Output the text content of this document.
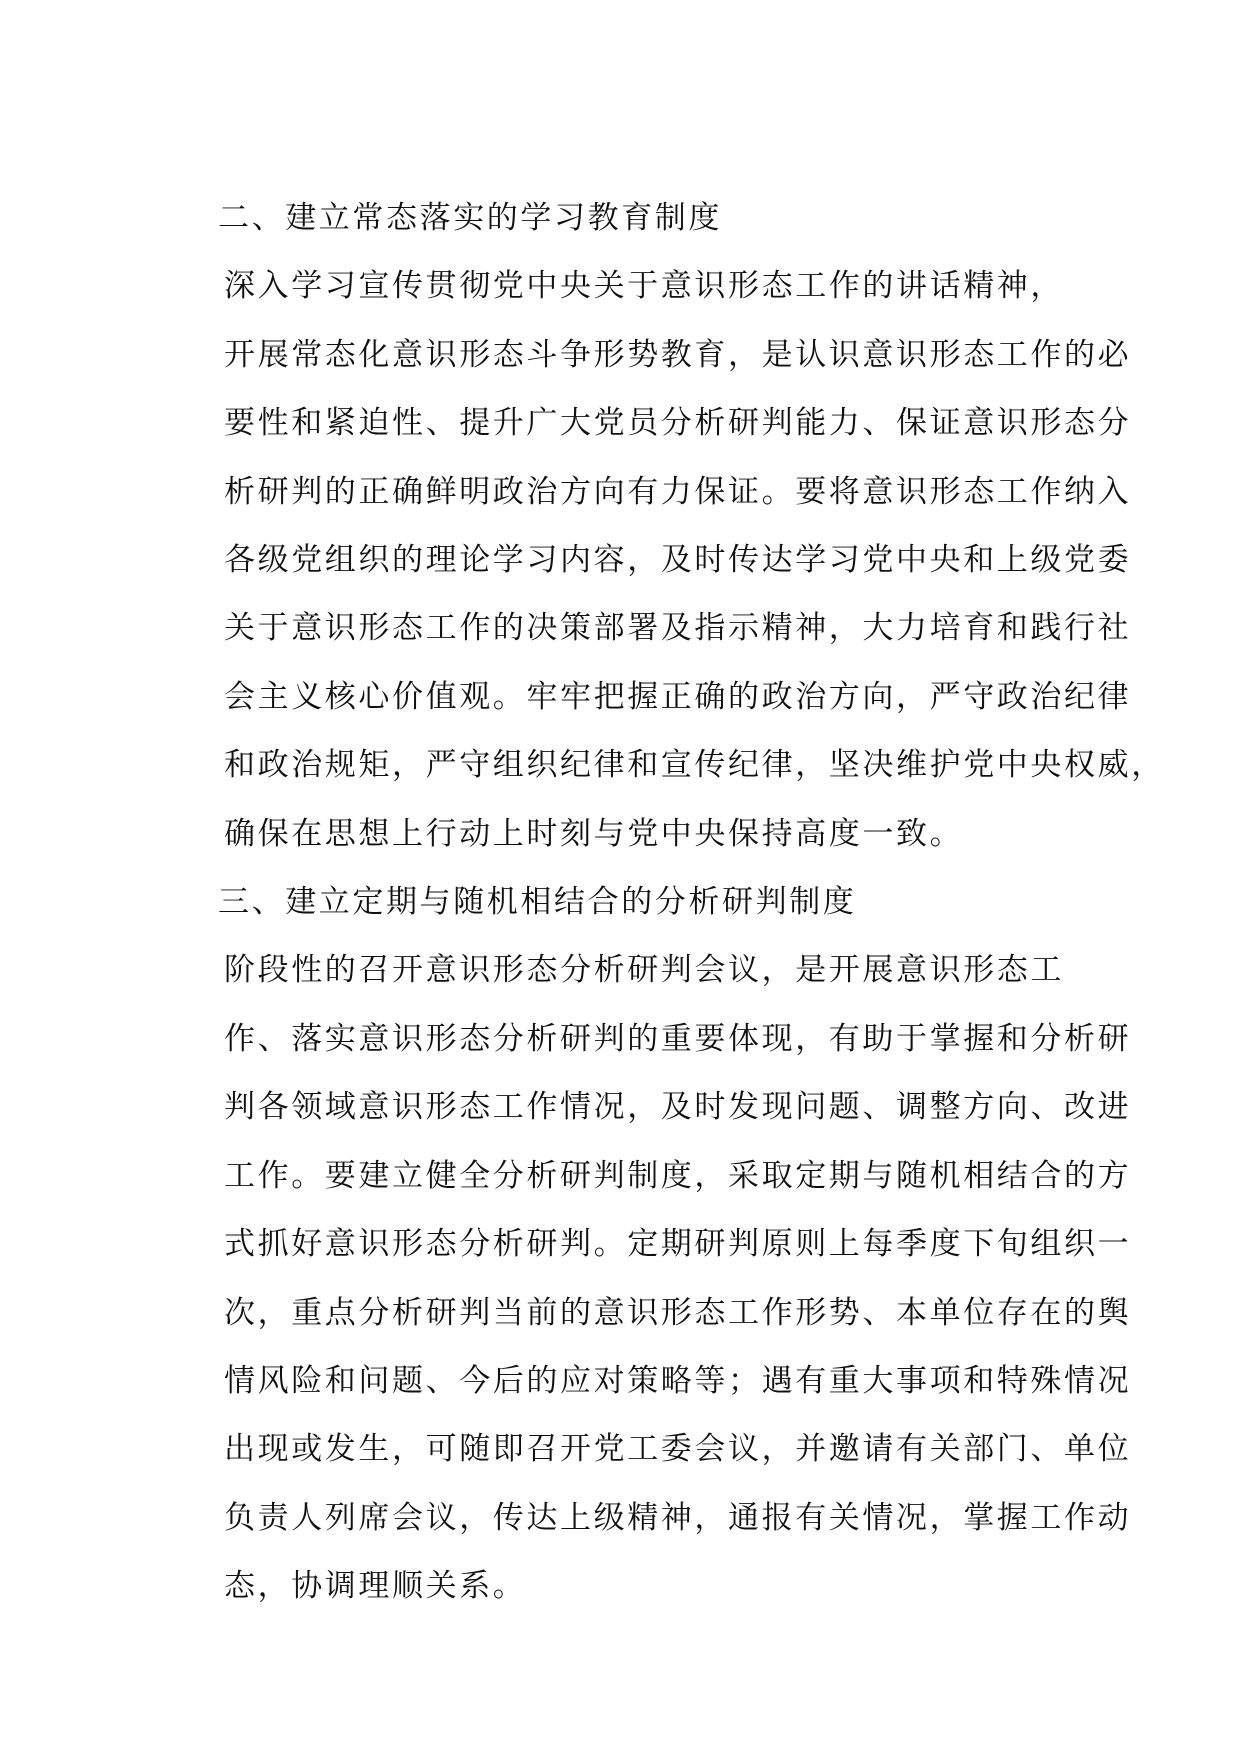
二、建立常态落实的学习教育制度

深入学习宣传贯彻党中央关于意识形态工作的讲话精神，
开展常态化意识形态斗争形势教育，是认识意识形态工作的必
要性和紧迫性、提升广大党员分析研判能力、保证意识形态分
析研判的正确鲜明政治方向有力保证。要将意识形态工作纳入
各级党组织的理论学习内容，及时传达学习党中央和上级党委
关于意识形态工作的决策部署及指示精神，大力培育和践行社
会主义核心价值观。牢牢把握正确的政治方向，严守政治纪律
和政治规矩，严守组织纪律和宣传纪律，坚决维护党中央权威，
确保在思想上行动上时刻与党中央保持高度一致。

三、建立定期与随机相结合的分析研判制度

阶段性的召开意识形态分析研判会议，是开展意识形态工
作、落实意识形态分析研判的重要体现，有助于掌握和分析研
判各领域意识形态工作情况，及时发现问题、调整方向、改进
工作。要建立健全分析研判制度，采取定期与随机相结合的方
式抓好意识形态分析研判。定期研判原则上每季度下旬组织一
次，重点分析研判当前的意识形态工作形势、本单位存在的舆
情风险和问题、今后的应对策略等；遇有重大事项和特殊情况
出现或发生，可随即召开党工委会议，并邀请有关部门、单位
负责人列席会议，传达上级精神，通报有关情况，掌握工作动
态，协调理顺关系。
